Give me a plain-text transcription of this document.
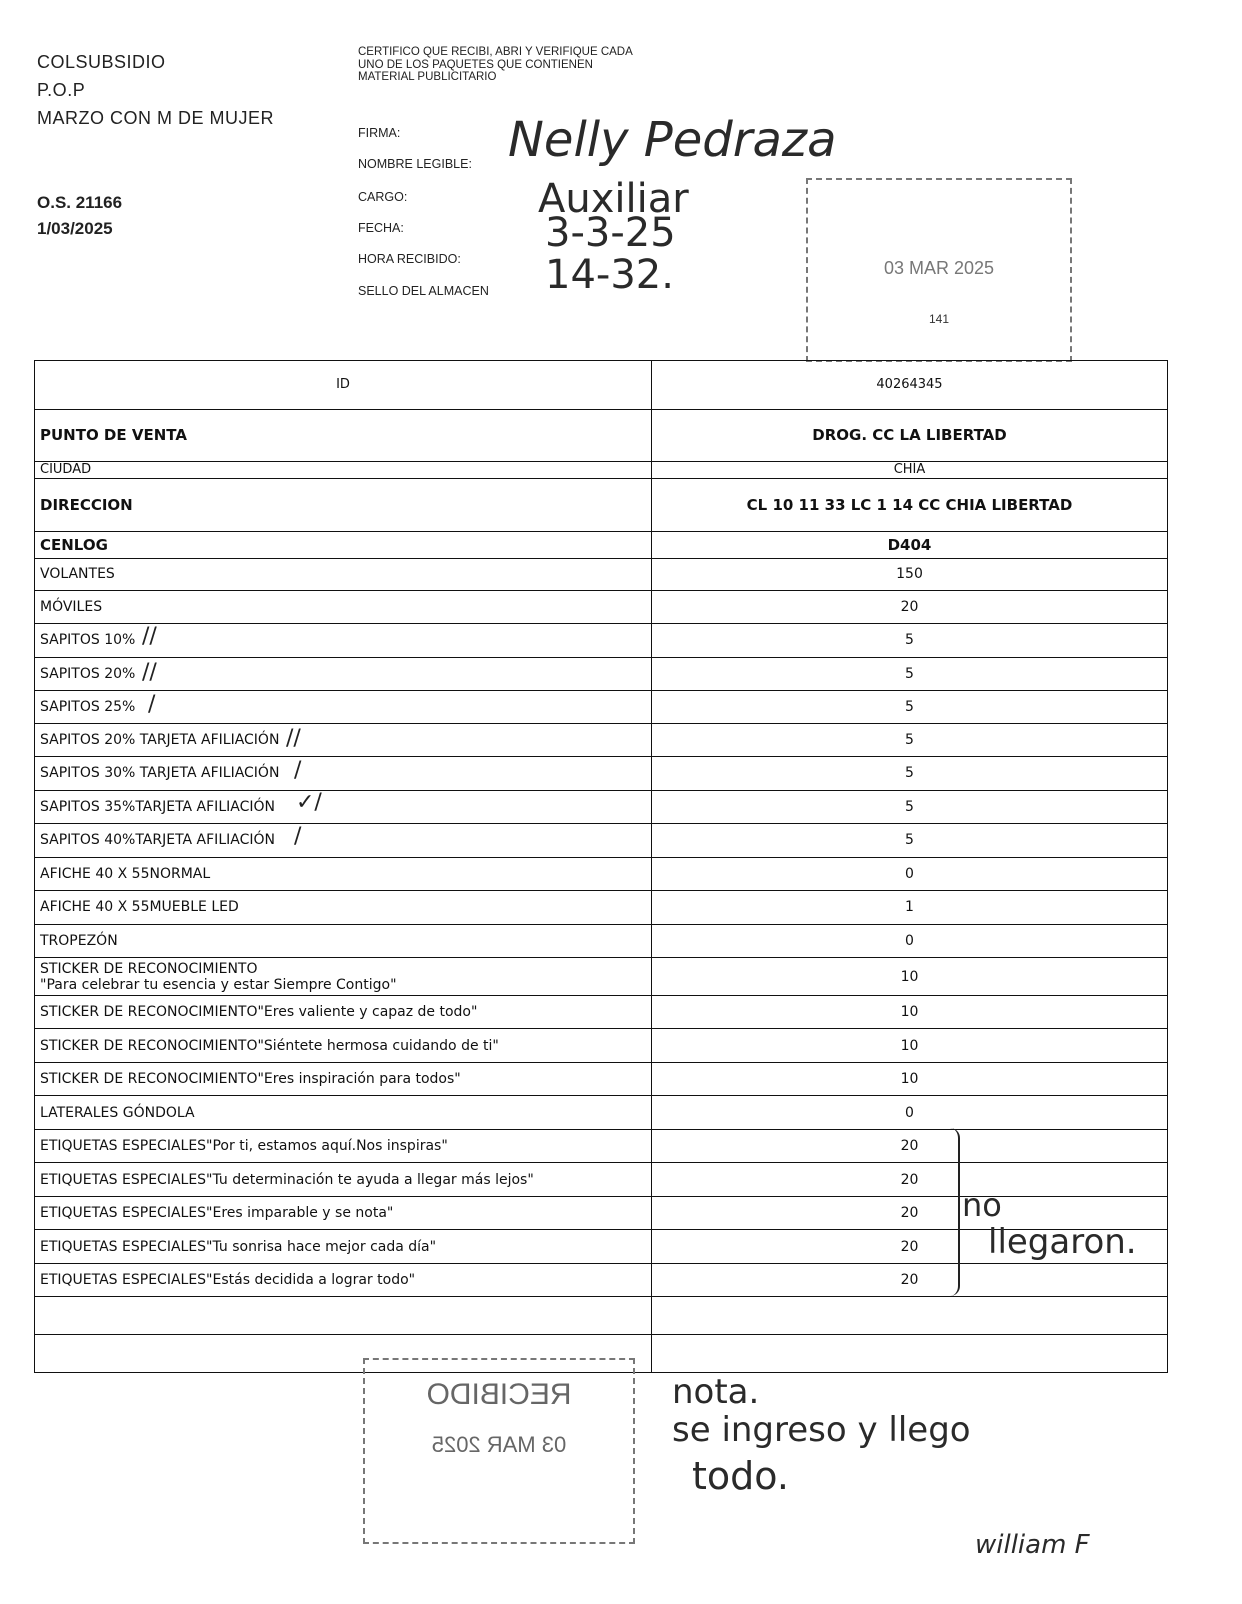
COLSUBSIDIO
P.O.P
MARZO CON M DE MUJER
O.S. 21166
1/03/2025
CERTIFICO QUE RECIBI, ABRI Y VERIFIQUE CADA UNO DE LOS PAQUETES QUE CONTIENEN MATERIAL PUBLICITARIO
FIRMA:
NOMBRE LEGIBLE:
CARGO:
FECHA:
HORA RECIBIDO:
SELLO DEL ALMACEN
Nelly Pedraza
Auxiliar
3-3-25
14-32.	03 MAR 2025
141
ID	40264345
PUNTO DE VENTA	DROG. CC LA LIBERTAD
CIUDAD	CHÍA
DIRECCION	CL 10 11 33 LC 1 14 CC CHIA LIBERTAD
CENLOG	D404
VOLANTES	150
MÓVILES	20
SAPITOS 10%	5
SAPITOS 20%	5
SAPITOS 25%	5
SAPITOS 20% TARJETA AFILIACIÓN	5
SAPITOS 30% TARJETA AFILIACIÓN	5
SAPITOS 35%TARJETA AFILIACIÓN	5
SAPITOS 40%TARJETA AFILIACIÓN	5
AFICHE 40 X 55NORMAL	0
AFICHE 40 X 55MUEBLE LED	1
TROPEZÓN	0
STICKER DE RECONOCIMIENTO
"Para celebrar tu esencia y estar Siempre Contigo"	10
STICKER DE RECONOCIMIENTO"Eres valiente y capaz de todo"	10
STICKER DE RECONOCIMIENTO"Siéntete hermosa cuidando de ti"	10
STICKER DE RECONOCIMIENTO"Eres inspiración para todos"	10
LATERALES GÓNDOLA	0
ETIQUETAS ESPECIALES"Por ti, estamos aquí.Nos inspiras"	20
ETIQUETAS ESPECIALES"Tu determinación te ayuda a llegar más lejos"	20
ETIQUETAS ESPECIALES"Eres imparable y se nota"	20
ETIQUETAS ESPECIALES"Tu sonrisa hace mejor cada día"	20
ETIQUETAS ESPECIALES"Estás decidida a lograr todo"	20

//
//
/
//
/
✓/
/
no
llegaron.
RECIBIDO
03 MAR 2025
nota.
se ingreso y llego
todo.
william F
